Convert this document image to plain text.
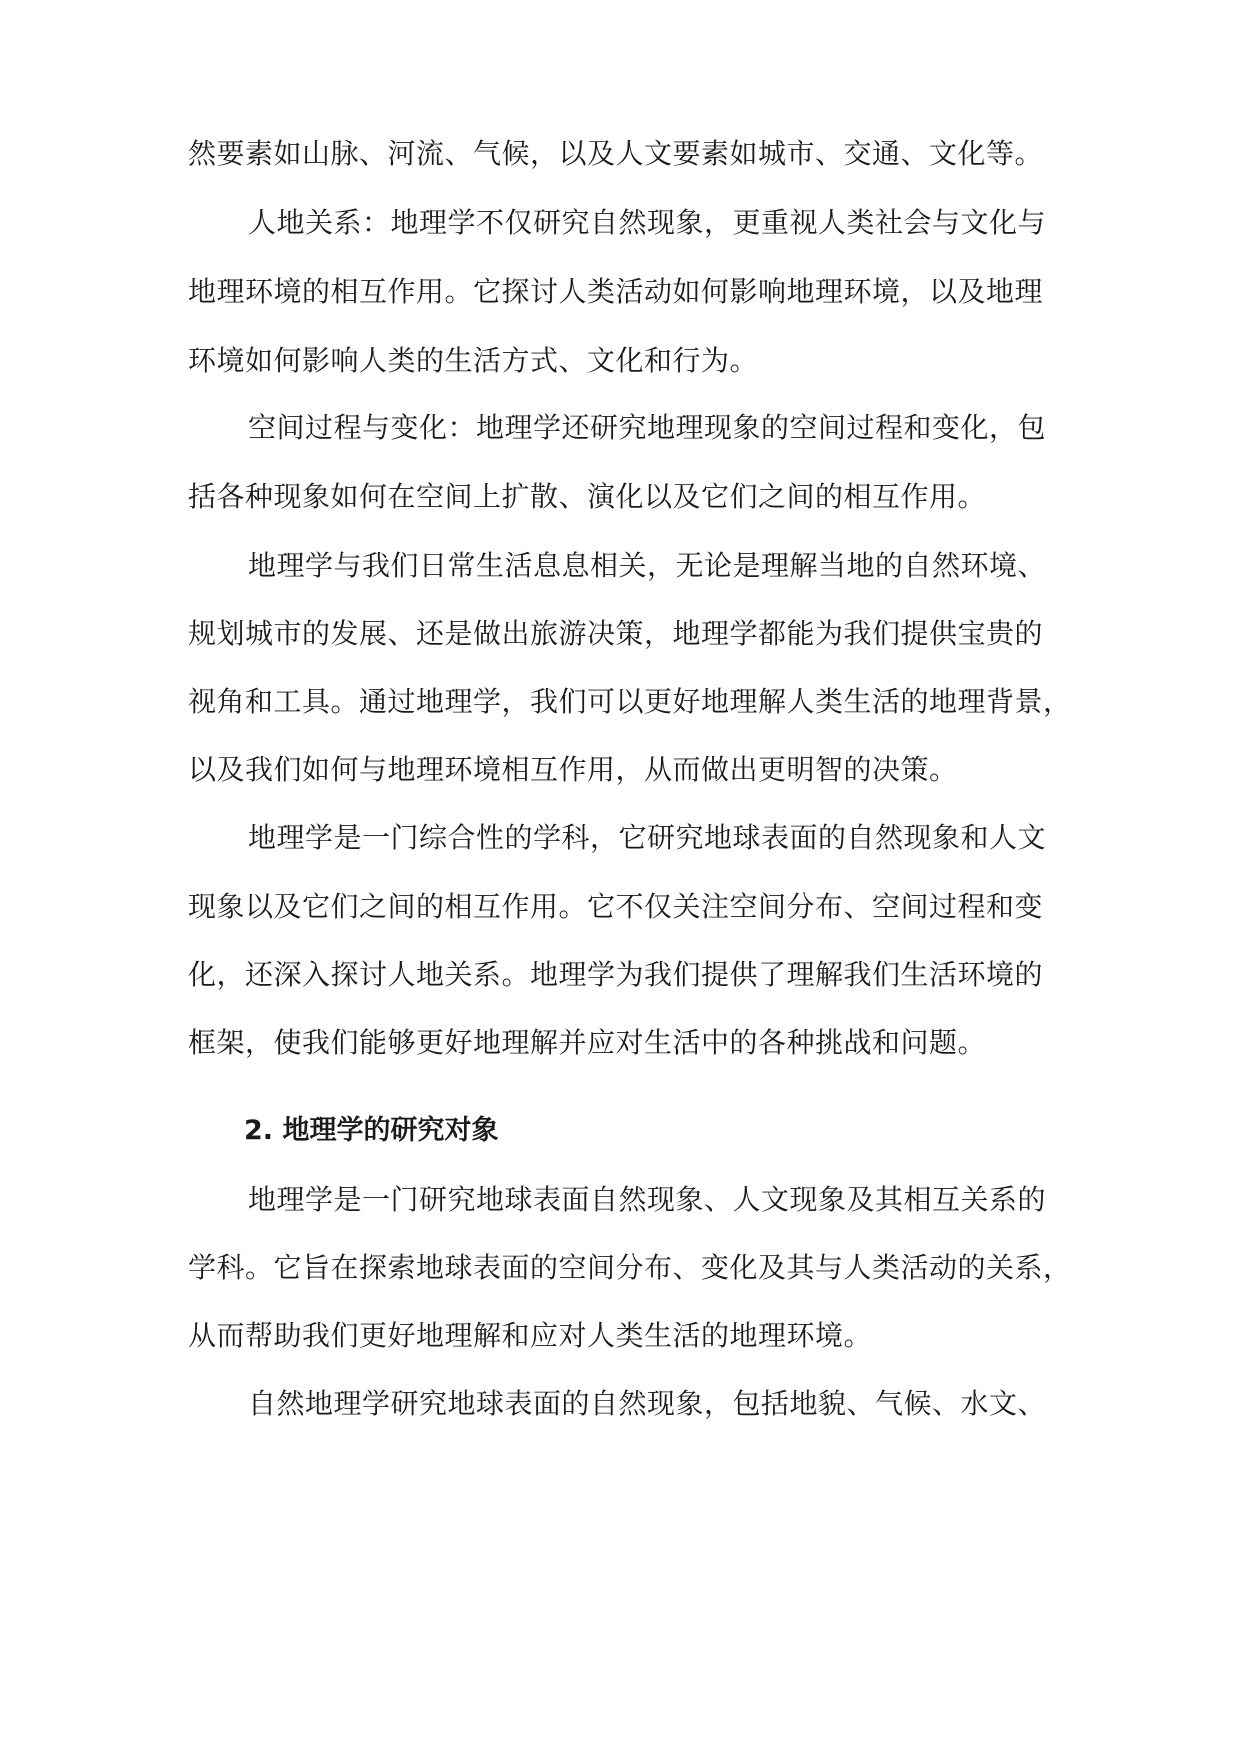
然要素如山脉、河流、气候，以及人文要素如城市、交通、文化等。
人地关系：地理学不仅研究自然现象，更重视人类社会与文化与
地理环境的相互作用。它探讨人类活动如何影响地理环境，以及地理
环境如何影响人类的生活方式、文化和行为。
空间过程与变化：地理学还研究地理现象的空间过程和变化，包
括各种现象如何在空间上扩散、演化以及它们之间的相互作用。
地理学与我们日常生活息息相关，无论是理解当地的自然环境、
规划城市的发展、还是做出旅游决策，地理学都能为我们提供宝贵的
视角和工具。通过地理学，我们可以更好地理解人类生活的地理背景，
以及我们如何与地理环境相互作用，从而做出更明智的决策。
地理学是一门综合性的学科，它研究地球表面的自然现象和人文
现象以及它们之间的相互作用。它不仅关注空间分布、空间过程和变
化，还深入探讨人地关系。地理学为我们提供了理解我们生活环境的
框架，使我们能够更好地理解并应对生活中的各种挑战和问题。
2. 地理学的研究对象
地理学是一门研究地球表面自然现象、人文现象及其相互关系的
学科。它旨在探索地球表面的空间分布、变化及其与人类活动的关系，
从而帮助我们更好地理解和应对人类生活的地理环境。
自然地理学研究地球表面的自然现象，包括地貌、气候、水文、
